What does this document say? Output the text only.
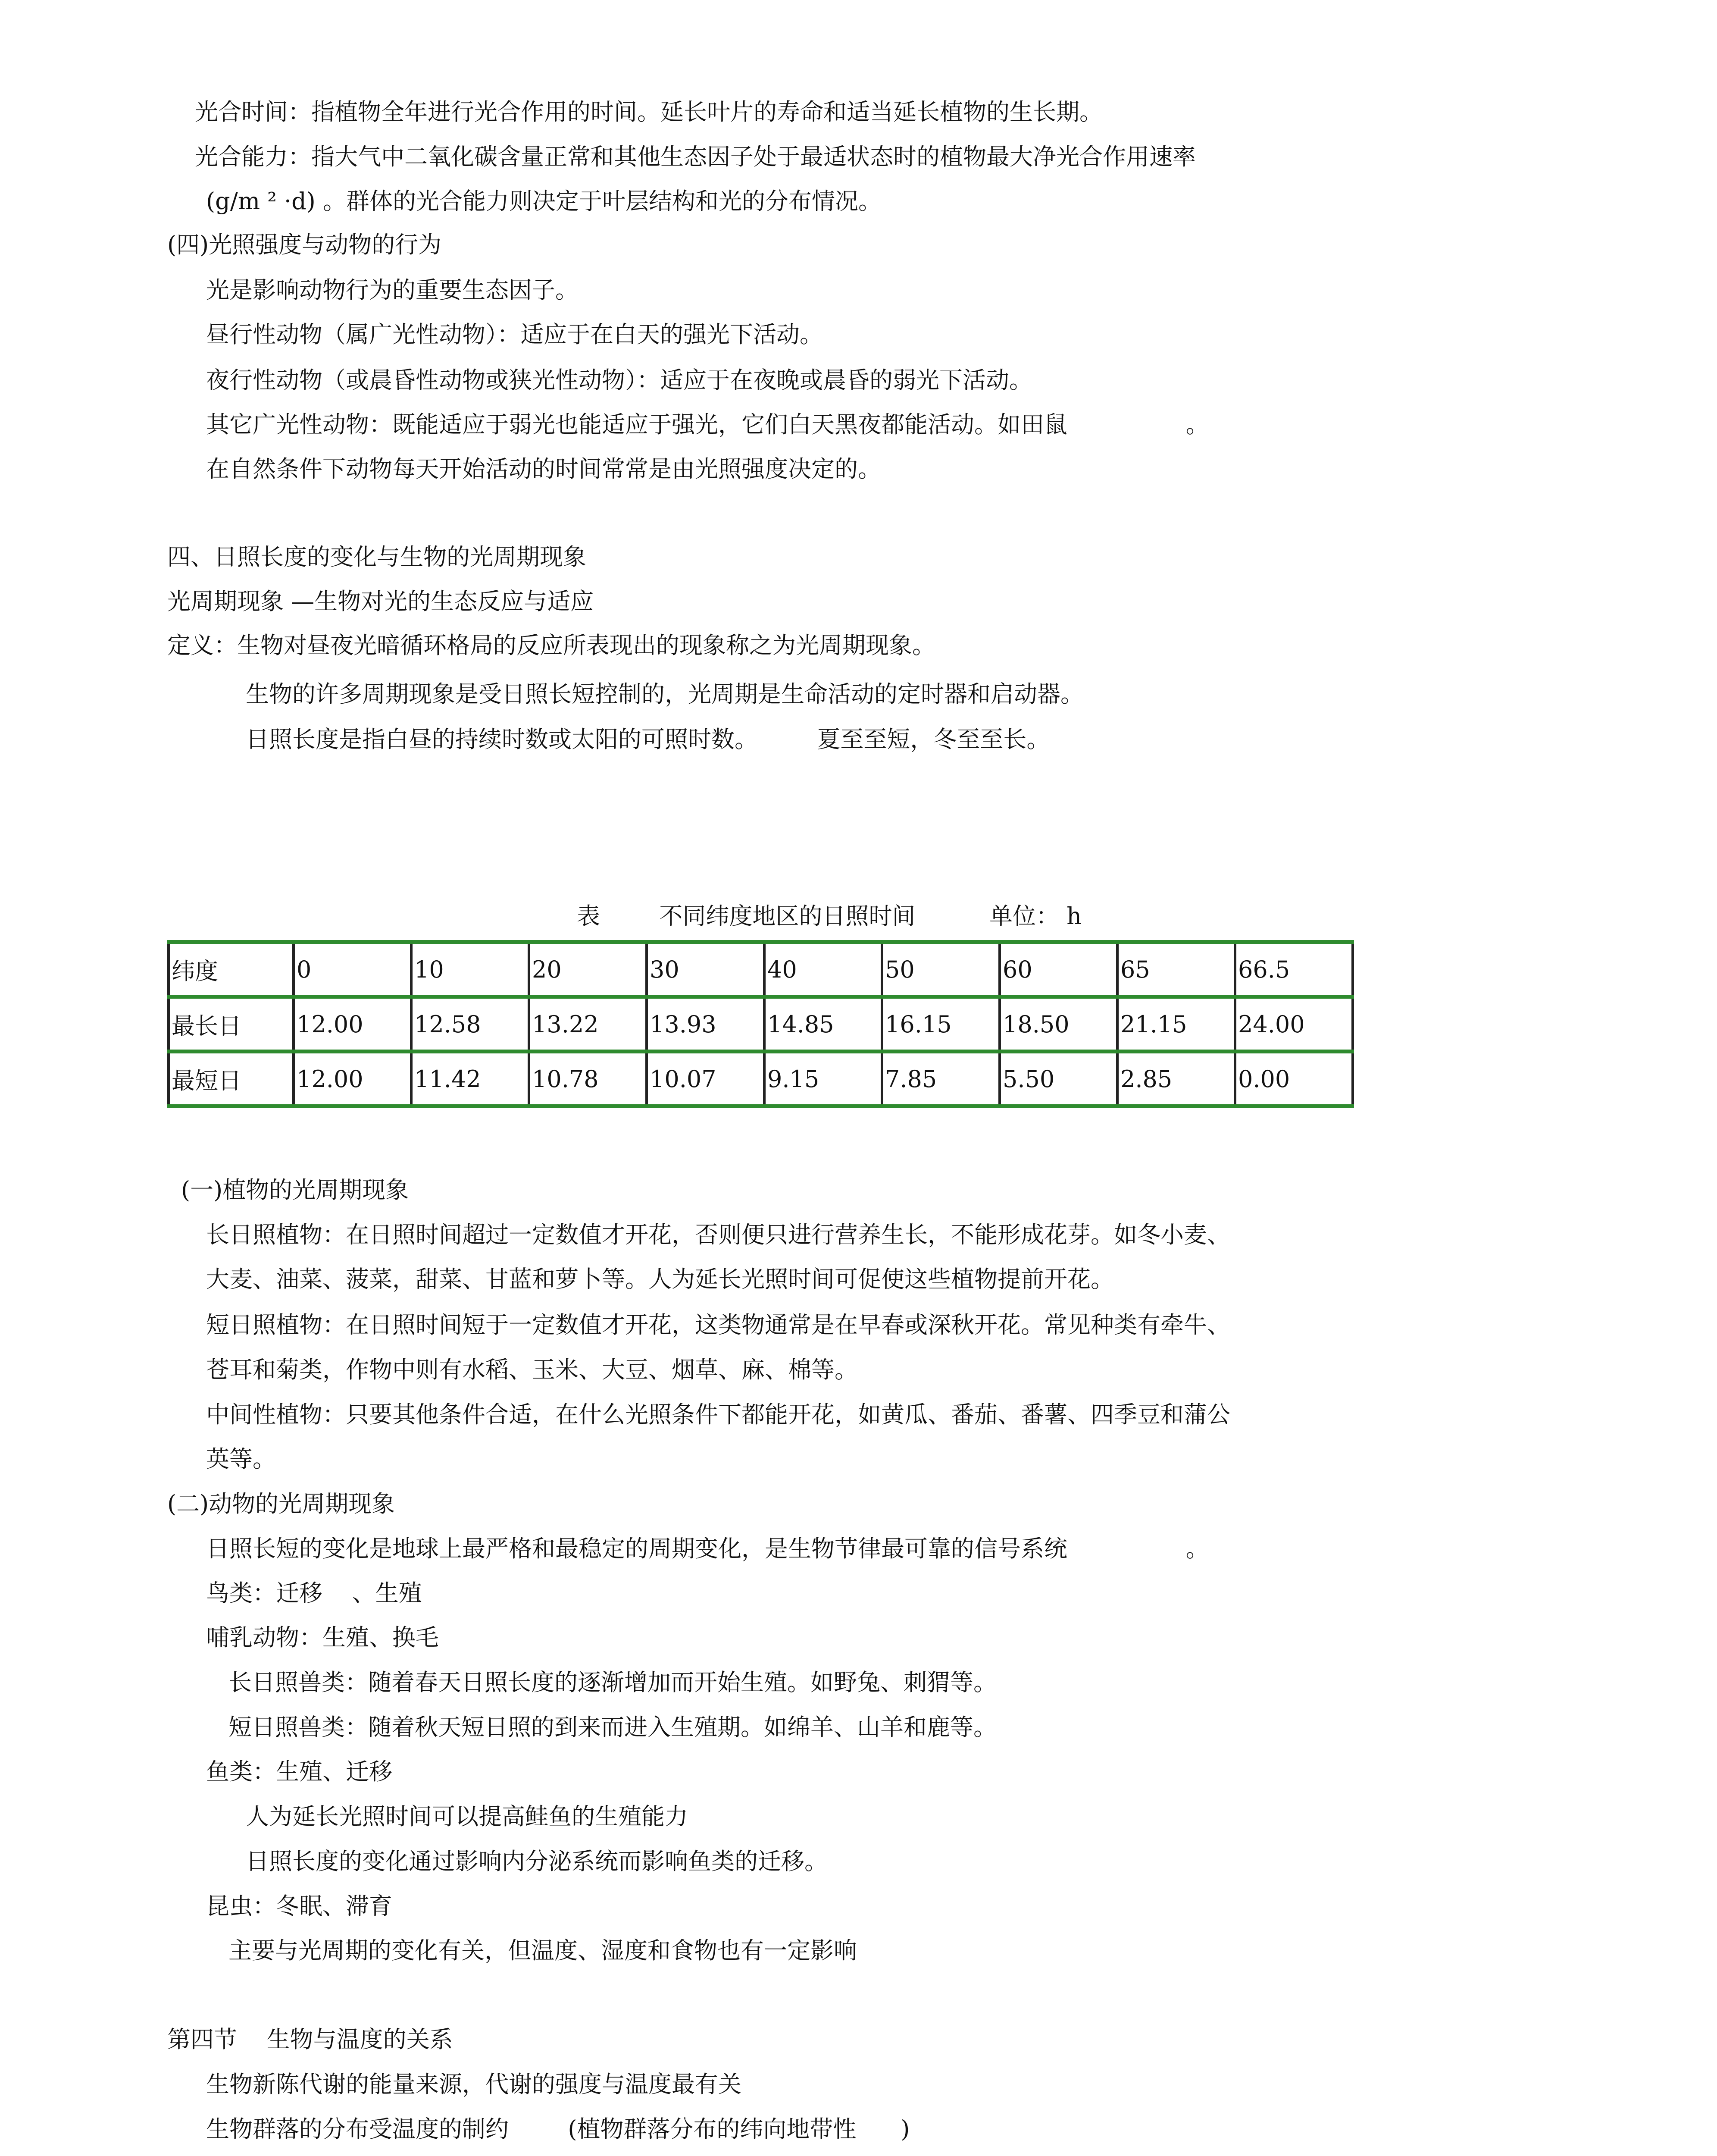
光合时间：指植物全年进行光合作用的时间。延长叶片的寿命和适当延长植物的生长期。
光合能力：指大气中二氧化碳含量正常和其他生态因子处于最适状态时的植物最大净光合作用速率
(g/m ² ·d) 。群体的光合能力则决定于叶层结构和光的分布情况。
(四)光照强度与动物的行为
光是影响动物行为的重要生态因子。
昼行性动物（属广光性动物）：适应于在白天的强光下活动。
夜行性动物（或晨昏性动物或狭光性动物）：适应于在夜晚或晨昏的弱光下活动。
其它广光性动物：既能适应于弱光也能适应于强光，它们白天黑夜都能活动。如田鼠                。
在自然条件下动物每天开始活动的时间常常是由光照强度决定的。
四、日照长度的变化与生物的光周期现象
光周期现象 —生物对光的生态反应与适应
定义：生物对昼夜光暗循环格局的反应所表现出的现象称之为光周期现象。
生物的许多周期现象是受日照长短控制的，光周期是生命活动的定时器和启动器。
日照长度是指白昼的持续时数或太阳的可照时数。        夏至至短，冬至至长。
表        不同纬度地区的日照时间          单位： h
纬度	0	10	20	30	40	50	60	65	66.5
最长日	12.00	12.58	13.22	13.93	14.85	16.15	18.50	21.15	24.00
最短日	12.00	11.42	10.78	10.07	9.15	7.85	5.50	2.85	0.00
(一)植物的光周期现象
长日照植物：在日照时间超过一定数值才开花，否则便只进行营养生长，不能形成花芽。如冬小麦、
大麦、油菜、菠菜，甜菜、甘蓝和萝卜等。人为延长光照时间可促使这些植物提前开花。
短日照植物：在日照时间短于一定数值才开花，这类物通常是在早春或深秋开花。常见种类有牵牛、
苍耳和菊类，作物中则有水稻、玉米、大豆、烟草、麻、棉等。
中间性植物：只要其他条件合适，在什么光照条件下都能开花，如黄瓜、番茄、番薯、四季豆和蒲公
英等。
(二)动物的光周期现象
日照长短的变化是地球上最严格和最稳定的周期变化，是生物节律最可靠的信号系统                。
鸟类：迁移    、生殖
哺乳动物：生殖、换毛
长日照兽类：随着春天日照长度的逐渐增加而开始生殖。如野兔、刺猬等。
短日照兽类：随着秋天短日照的到来而进入生殖期。如绵羊、山羊和鹿等。
鱼类：生殖、迁移
人为延长光照时间可以提高鲑鱼的生殖能力
日照长度的变化通过影响内分泌系统而影响鱼类的迁移。
昆虫：冬眠、滞育
主要与光周期的变化有关，但温度、湿度和食物也有一定影响
第四节    生物与温度的关系
生物新陈代谢的能量来源，代谢的强度与温度最有关
生物群落的分布受温度的制约        (植物群落分布的纬向地带性      )
